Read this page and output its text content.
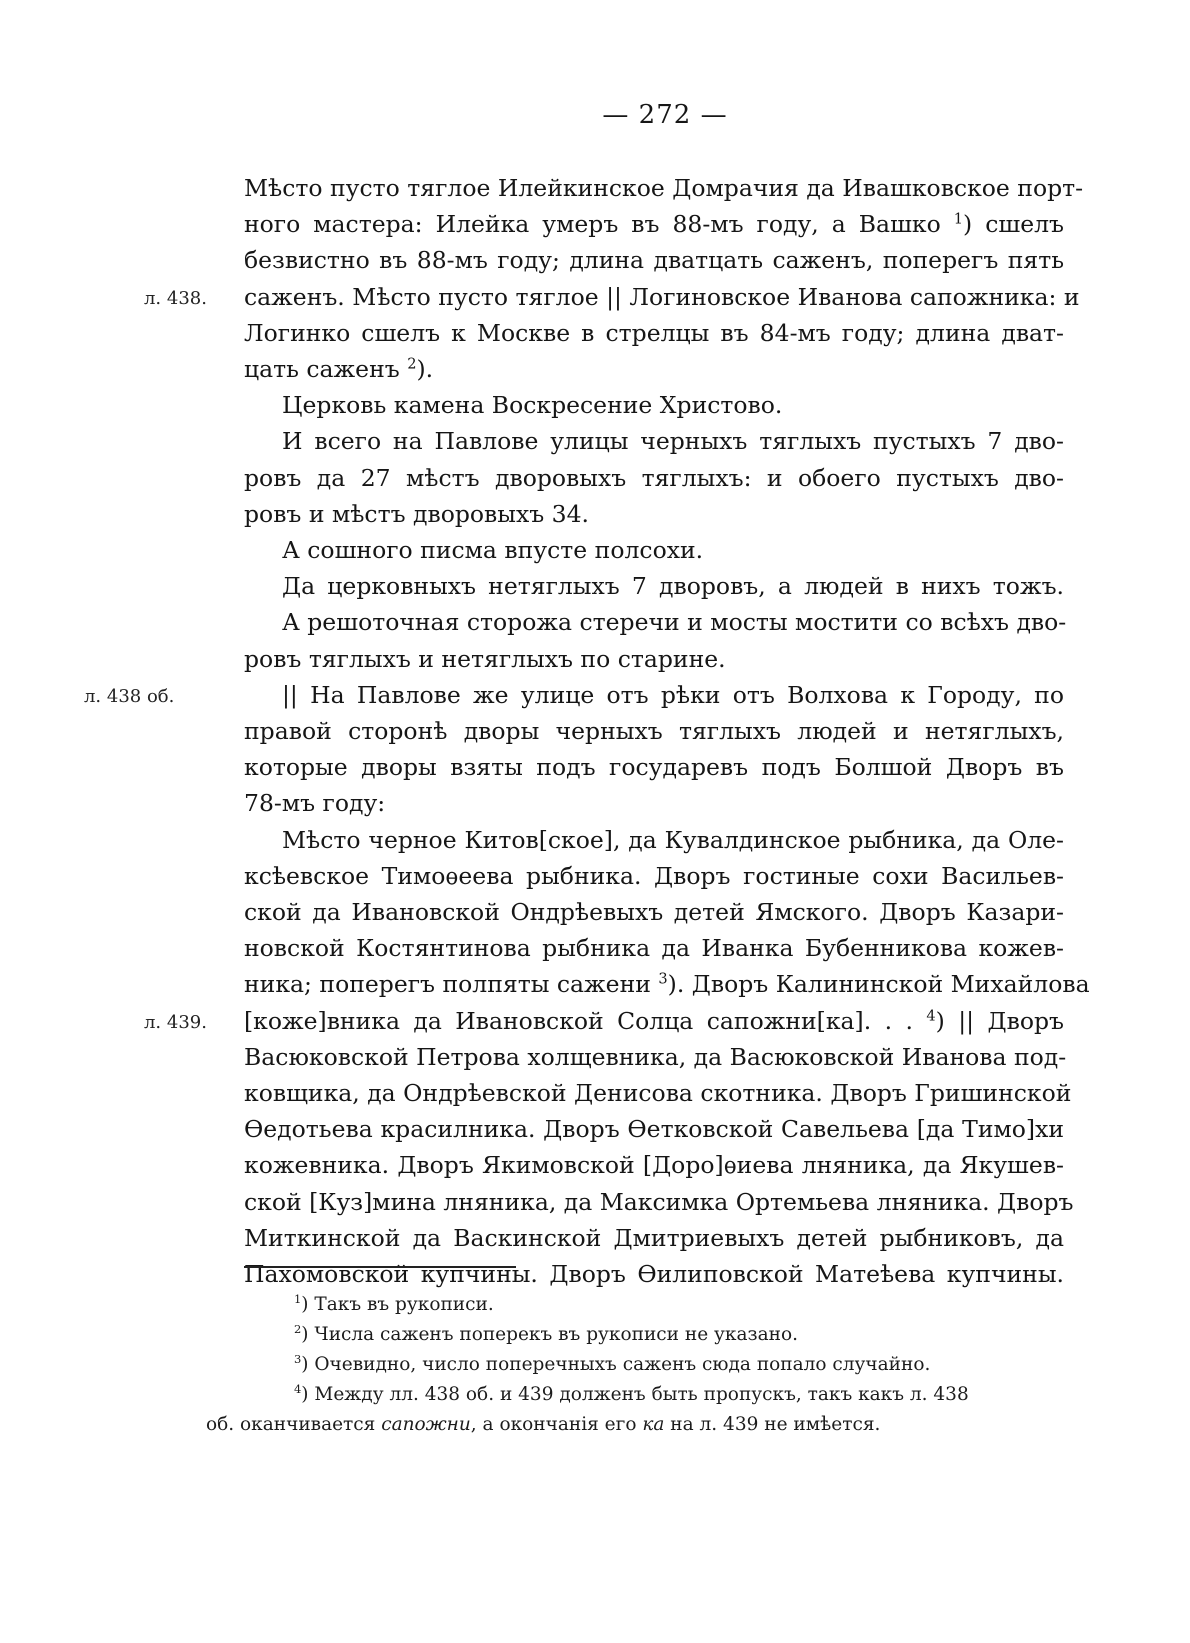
— 272 —
Мѣсто пусто тяглое Илейкинское Домрачия да Ивашковское порт-
ного мастера: Илейка умеръ въ 88-мъ году, а Вашко $^1$) сшелъ
безвистно въ 88-мъ году; длина дватцать саженъ, поперегъ пять
л. 438. саженъ. Мѣсто пусто тяглое || Логиновское Иванова сапожника: и
Логинко сшелъ к Москве в стрелцы въ 84-мъ году; длина дват-
цать саженъ $^2$).
Церковь камена Воскресение Христово.
И всего на Павлове улицы черныхъ тяглыхъ пустыхъ 7 дво-
ровъ да 27 мѣстъ дворовыхъ тяглыхъ: и обоего пустыхъ дво-
ровъ и мѣстъ дворовыхъ 34.
А сошного писма впусте полсохи.
Да церковныхъ нетяглыхъ 7 дворовъ, а людей в нихъ тожъ.
А решоточная сторожа стеречи и мосты мостити со всѣхъ дво-
ровъ тяглыхъ и нетяглыхъ по старине.
л. 438 об.	|| На Павлове же улице отъ рѣки отъ Волхова к Городу, по
правой сторонѣ дворы черныхъ тяглыхъ людей и нетяглыхъ,
которые дворы взяты подъ государевъ подъ Болшой Дворъ въ
78-мъ году:
Мѣсто черное Китов[ское], да Кувалдинское рыбника, да Оле-
ксѣевское Тимоѳеева рыбника. Дворъ гостиные сохи Васильев-
ской да Ивановской Ондрѣевыхъ детей Ямского. Дворъ Казари-
новской Костянтинова рыбника да Иванка Бубенникова кожев-
ника; поперегъ полпяты сажени $^3$). Дворъ Калининской Михайлова
л. 439. [коже]вника да Ивановской Солца сапожни[ка]. . . $^4$) || Дворъ
Васюковской Петрова холщевника, да Васюковской Иванова под-
ковщика, да Ондрѣевской Денисова скотника. Дворъ Гришинской
Ѳедотьева красилника. Дворъ Ѳетковской Савельева [да Тимо]хи
кожевника. Дворъ Якимовской [Доро]ѳиева лняника, да Якушев-
ской [Куз]мина лняника, да Максимка Ортемьева лняника. Дворъ
Миткинской да Васкинской Дмитриевыхъ детей рыбниковъ, да
Пахомовской купчины. Дворъ Ѳилиповской Матеѣева купчины.

$^1$) Такъ въ рукописи.

$^2$) Числа саженъ поперекъ въ рукописи не указано.

$^3$) Очевидно, число поперечныхъ саженъ сюда попало случайно.

$^4$) Между лл. 438 об. и 439 долженъ быть пропускъ, такъ какъ л. 438
об. оканчивается сапожни, а окончанія его ка на л. 439 не имѣется.
